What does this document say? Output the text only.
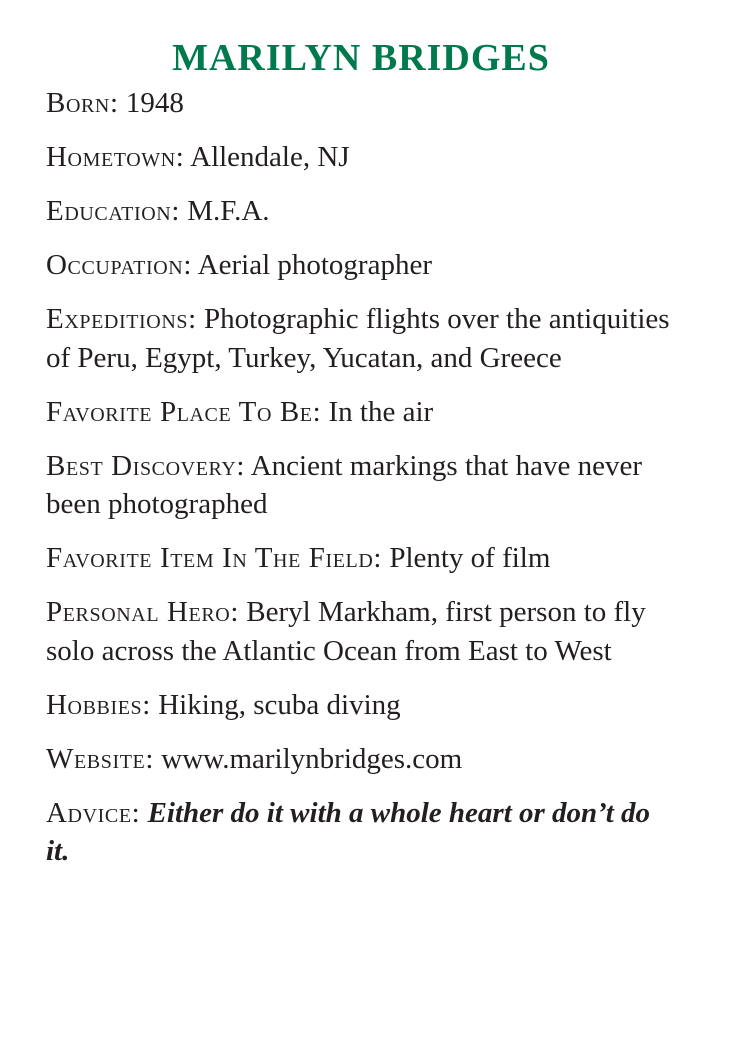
MARILYN BRIDGES

Born: 1948

Hometown: Allendale, NJ

Education: M.F.A.

Occupation: Aerial photographer

Expeditions: Photographic flights over the antiquities of Peru, Egypt, Turkey, Yucatan, and Greece

Favorite Place To Be: In the air

Best Discovery: Ancient markings that have never been photographed

Favorite Item In The Field: Plenty of film

Personal Hero: Beryl Markham, first person to fly solo across the Atlantic Ocean from East to West

Hobbies: Hiking, scuba diving

Website: www.marilynbridges.com

Advice: Either do it with a whole heart or don’t do it.
